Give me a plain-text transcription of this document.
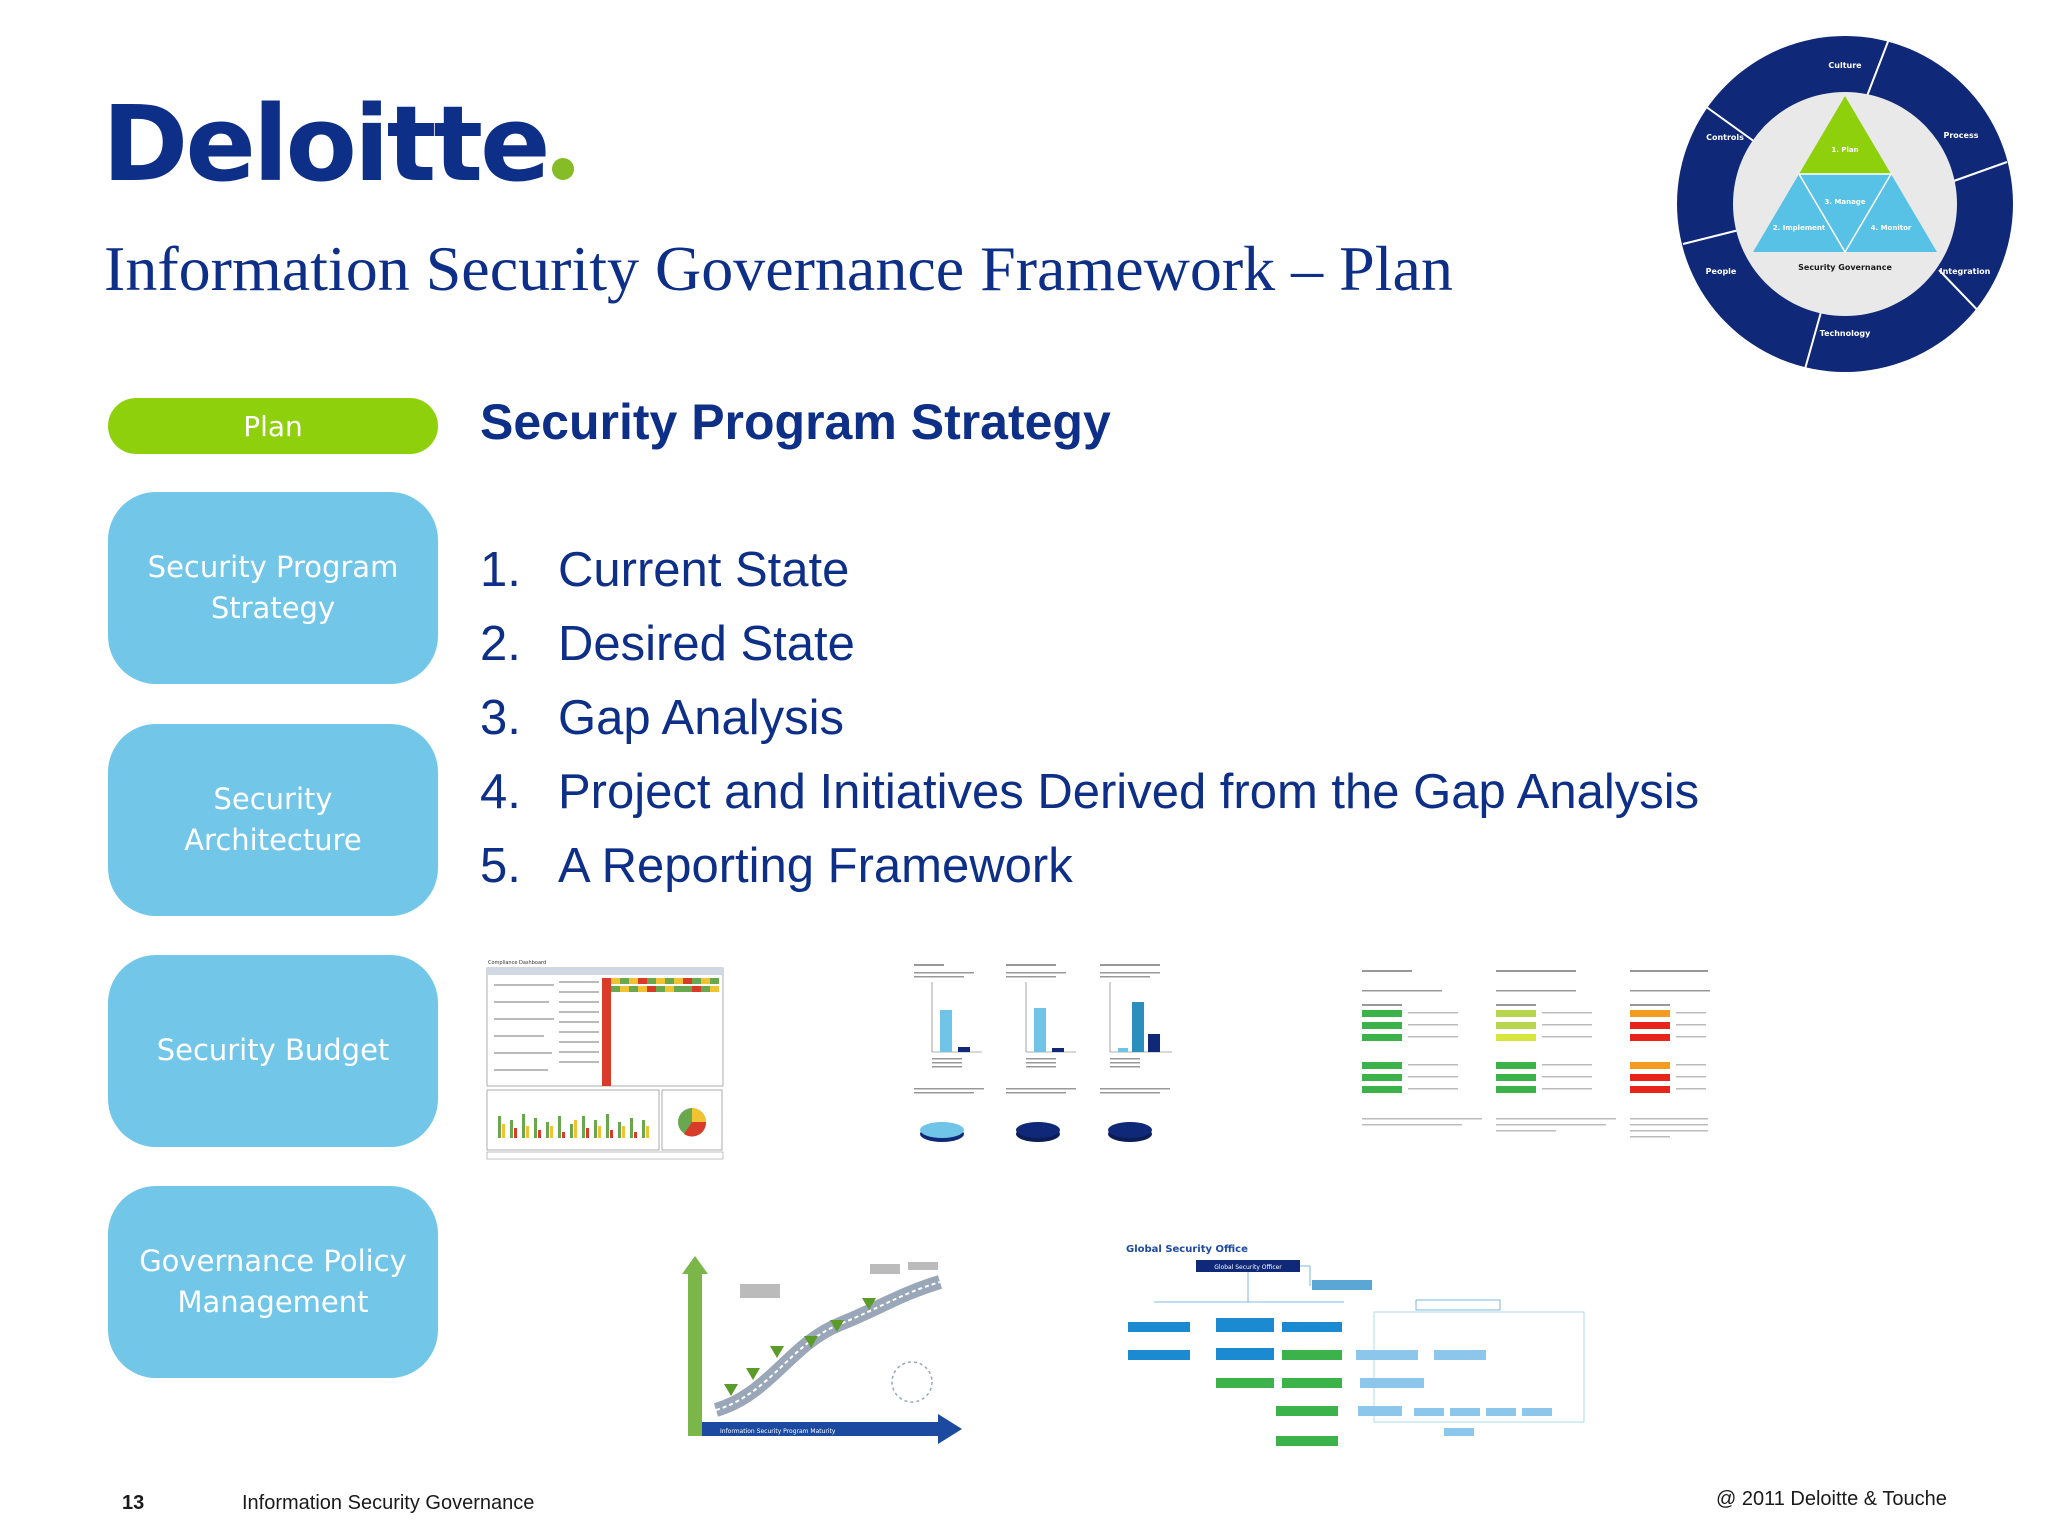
Deloitte
Information Security Governance Framework – Plan
Culture
Process
Integration
Technology
People
Controls
1. Plan
3. Manage
2. Implement	4. Monitor
Security Governance
Plan
Security Program Strategy
Security Architecture
Security Budget
Governance Policy Management
Security Program Strategy
1. Current State
2. Desired State
3. Gap Analysis
4. Project and Initiatives Derived from the Gap Analysis
5. A Reporting Framework
Compliance Dashboard
Information Security Program Maturity
Global Security Office
Global Security Officer
13	Information Security Governance	@ 2011 Deloitte & Touche
